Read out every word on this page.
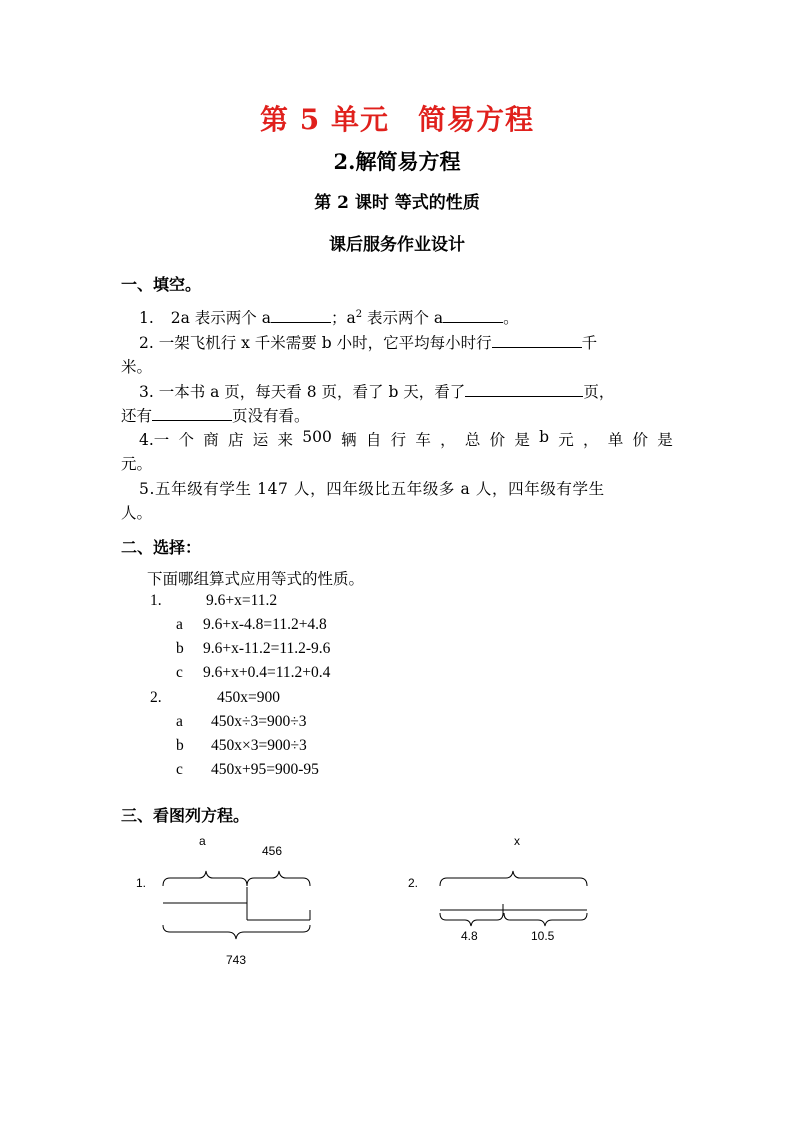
第 5 单元　简易方程
2.解简易方程
第 2 课时 等式的性质
课后服务作业设计
一、填空。
1. 2a 表示两个 a	；$a^2$ 表示两个 a	。
2. 一架飞机行 x 千米需要 b 小时，它平均每小时行	千
米。
3. 一本书 a 页，每天看 8 页，看了 b 天，看了	页，
还有	页没有看。
4.一 个 商 店 运 来 500 辆 自 行 车 ， 总 价 是 b 元 ， 单 价 是
元。
5.五年级有学生 147 人，四年级比五年级多 a 人，四年级有学生
人。
二、选择：
下面哪组算式应用等式的性质。
1.	9.6+x=11.2
a 9.6+x-4.8=11.2+4.8
b 9.6+x-11.2=11.2-9.6
c 9.6+x+0.4=11.2+0.4
2.	450x=900
a 450x÷3=900÷3
b 450x×3=900÷3
c 450x+95=900-95
三、看图列方程。
1.
a
456
743
2.
x
4.8	10.5
